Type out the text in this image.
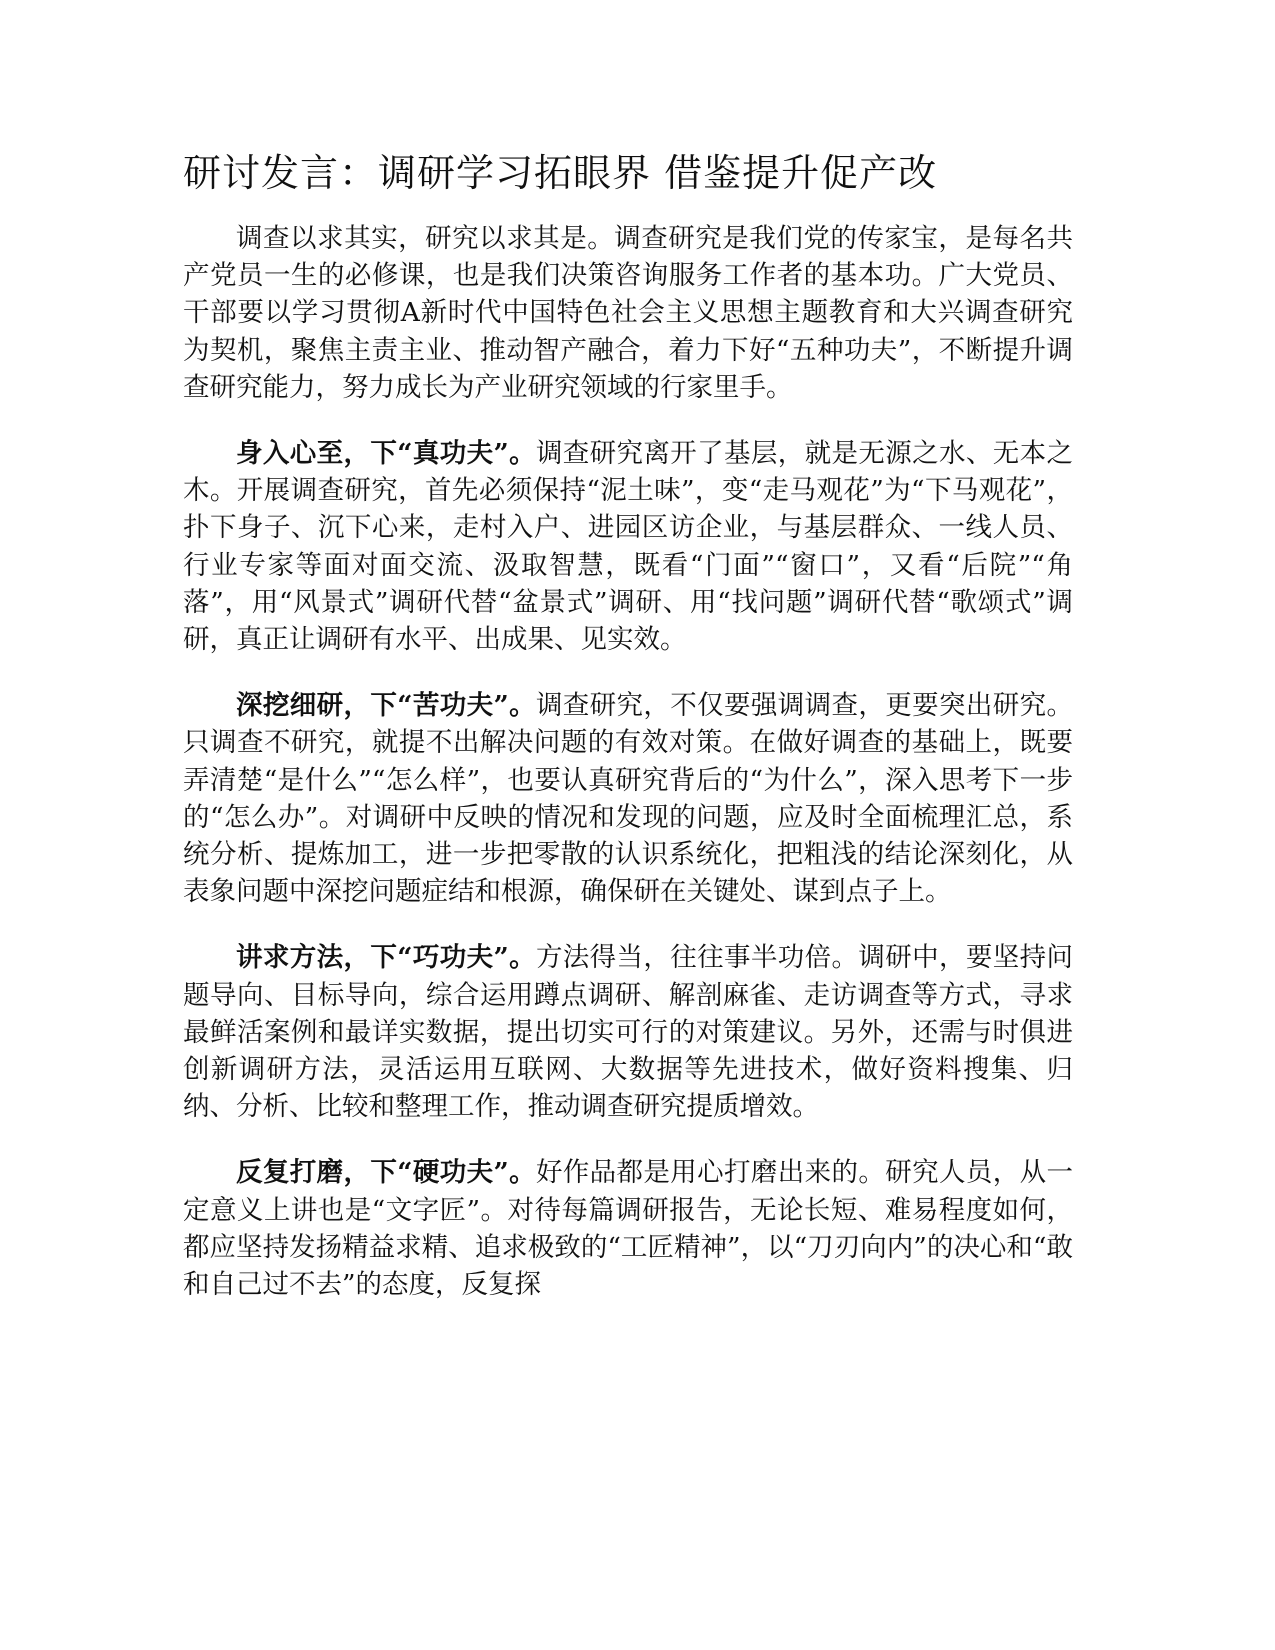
研讨发言：调研学习拓眼界 借鉴提升促产改

调查以求其实，研究以求其是。调查研究是我们党的传家宝，是每名共产党员一生的必修课，也是我们决策咨询服务工作者的基本功。广大党员、干部要以学习贯彻A新时代中国特色社会主义思想主题教育和大兴调查研究为契机，聚焦主责主业、推动智产融合，着力下好“五种功夫”，不断提升调查研究能力，努力成长为产业研究领域的行家里手。

身入心至，下“真功夫”。调查研究离开了基层，就是无源之水、无本之木。开展调查研究，首先必须保持“泥土味”，变“走马观花”为“下马观花”，扑下身子、沉下心来，走村入户、进园区访企业，与基层群众、一线人员、行业专家等面对面交流、汲取智慧，既看“门面”“窗口”，又看“后院”“角落”，用“风景式”调研代替“盆景式”调研、用“找问题”调研代替“歌颂式”调研，真正让调研有水平、出成果、见实效。

深挖细研，下“苦功夫”。调查研究，不仅要强调调查，更要突出研究。只调查不研究，就提不出解决问题的有效对策。在做好调查的基础上，既要弄清楚“是什么”“怎么样”，也要认真研究背后的“为什么”，深入思考下一步的“怎么办”。对调研中反映的情况和发现的问题，应及时全面梳理汇总，系统分析、提炼加工，进一步把零散的认识系统化，把粗浅的结论深刻化，从表象问题中深挖问题症结和根源，确保研在关键处、谋到点子上。

讲求方法，下“巧功夫”。方法得当，往往事半功倍。调研中，要坚持问题导向、目标导向，综合运用蹲点调研、解剖麻雀、走访调查等方式，寻求最鲜活案例和最详实数据，提出切实可行的对策建议。另外，还需与时俱进创新调研方法，灵活运用互联网、大数据等先进技术，做好资料搜集、归纳、分析、比较和整理工作，推动调查研究提质增效。

反复打磨，下“硬功夫”。好作品都是用心打磨出来的。研究人员，从一定意义上讲也是“文字匠”。对待每篇调研报告，无论长短、难易程度如何，都应坚持发扬精益求精、追求极致的“工匠精神”，以“刀刃向内”的决心和“敢和自己过不去”的态度，反复探
